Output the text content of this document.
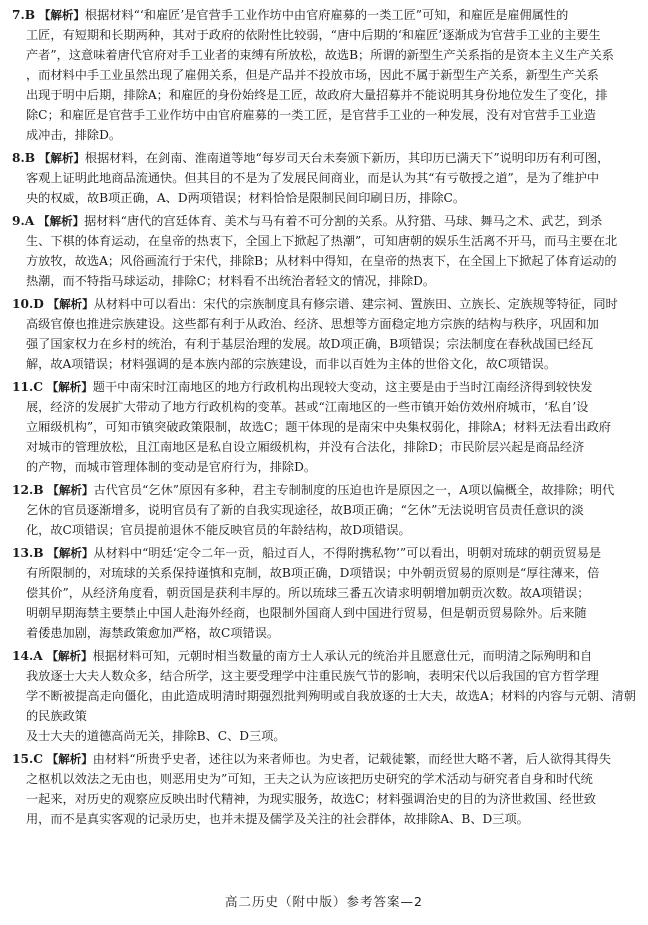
7.B 【解析】根据材料“‘和雇匠’是官营手工业作坊中由官府雇募的一类工匠”可知，和雇匠是雇佣属性的
工匠，有短期和长期两种，其对于政府的依附性比较弱，“唐中后期的‘和雇匠’逐渐成为官营手工业的主要生
产者”，这意味着唐代官府对手工业者的束缚有所放松，故选B；所谓的新型生产关系指的是资本主义生产关系
，而材料中手工业虽然出现了雇佣关系，但是产品并不投放市场，因此不属于新型生产关系，新型生产关系
出现于明中后期，排除A；和雇匠的身份始终是工匠，故政府大量招募并不能说明其身份地位发生了变化，排
除C；和雇匠是官营手工业作坊中由官府雇募的一类工匠，是官营手工业的一种发展，没有对官营手工业造
成冲击，排除D。
8.B 【解析】根据材料，在剑南、淮南道等地“每岁司天台未奏颁下新历，其印历已满天下”说明印历有利可图，
客观上证明此地商品流通快。但其目的不是为了发展民间商业，而是认为其“有亏敬授之道”，是为了维护中
央的权威，故B项正确，A、D两项错误；材料恰恰是限制民间印刷日历，排除C。
9.A 【解析】据材料“唐代的宫廷体育、美术与马有着不可分割的关系。从狩猎、马球、舞马之术、武艺，到杀
生、下棋的体育运动，在皇帝的热衷下，全国上下掀起了热潮”，可知唐朝的娱乐生活离不开马，而马主要在北
方放牧，故选A；风俗画流行于宋代，排除B；从材料中得知，在皇帝的热衷下，在全国上下掀起了体育运动的
热潮，而不特指马球运动，排除C；材料看不出统治者轻文的情况，排除D。
10.D 【解析】从材料中可以看出：宋代的宗族制度具有修宗谱、建宗祠、置族田、立族长、定族规等特征，同时
高级官僚也推进宗族建设。这些都有利于从政治、经济、思想等方面稳定地方宗族的结构与秩序，巩固和加
强了国家权力在乡村的统治，有利于基层治理的发展。故D项正确，B项错误；宗法制度在春秋战国已经瓦
解，故A项错误；材料强调的是本族内部的宗族建设，而非以百姓为主体的世俗文化，故C项错误。
11.C 【解析】题干中南宋时江南地区的地方行政机构出现较大变动，这主要是由于当时江南经济得到较快发
展，经济的发展扩大带动了地方行政机构的变革。甚或“江南地区的一些市镇开始仿效州府城市，‘私自’设
立厢级机构”，可知市镇突破政策限制，故选C；题干体现的是南宋中央集权弱化，排除A；材料无法看出政府
对城市的管理放松，且江南地区是私自设立厢级机构，并没有合法化，排除D；市民阶层兴起是商品经济
的产物，而城市管理体制的变动是官府行为，排除D。
12.B 【解析】古代官员“乞休”原因有多种，君主专制制度的压迫也许是原因之一，A项以偏概全，故排除；明代
乞休的官员逐渐增多，说明官员有了新的自我实现途径，故B项正确；“乞休”无法说明官员责任意识的淡
化，故C项错误；官员提前退休不能反映官员的年龄结构，故D项错误。
13.B 【解析】从材料中“明廷‘定令二年一贡，船过百人，不得附携私物’”可以看出，明朝对琉球的朝贡贸易是
有所限制的，对琉球的关系保持谨慎和克制，故B项正确，D项错误；中外朝贡贸易的原则是“厚往薄来，倍
偿其价”，从经济角度看，朝贡国是获利丰厚的。所以琉球三番五次请求明朝增加朝贡次数。故A项错误；
明朝早期海禁主要禁止中国人赴海外经商，也限制外国商人到中国进行贸易，但是朝贡贸易除外。后来随
着倭患加剧，海禁政策愈加严格，故C项错误。
14.A 【解析】根据材料可知，元朝时相当数量的南方士人承认元的统治并且愿意仕元，而明清之际殉明和自
我放逐士大夫人数众多，结合所学，这主要受理学中注重民族气节的影响，表明宋代以后我国的官方哲学理
学不断被提高走向僵化，由此造成明清时期强烈批判殉明或自我放逐的士大夫，故选A；材料的内容与元朝、清朝的民族政策
及士大夫的道德高尚无关，排除B、C、D三项。
15.C 【解析】由材料“所贵乎史者，述往以为来者师也。为史者，记载徒繁，而经世大略不著，后人欲得其得失
之枢机以效法之无由也，则恶用史为”可知，王夫之认为应该把历史研究的学术活动与研究者自身和时代统
一起来，对历史的观察应反映出时代精神，为现实服务，故选C；材料强调治史的目的为济世救国、经世致
用，而不是真实客观的记录历史，也并未提及儒学及关注的社会群体，故排除A、B、D三项。
高二历史（附中版）参考答案—2
